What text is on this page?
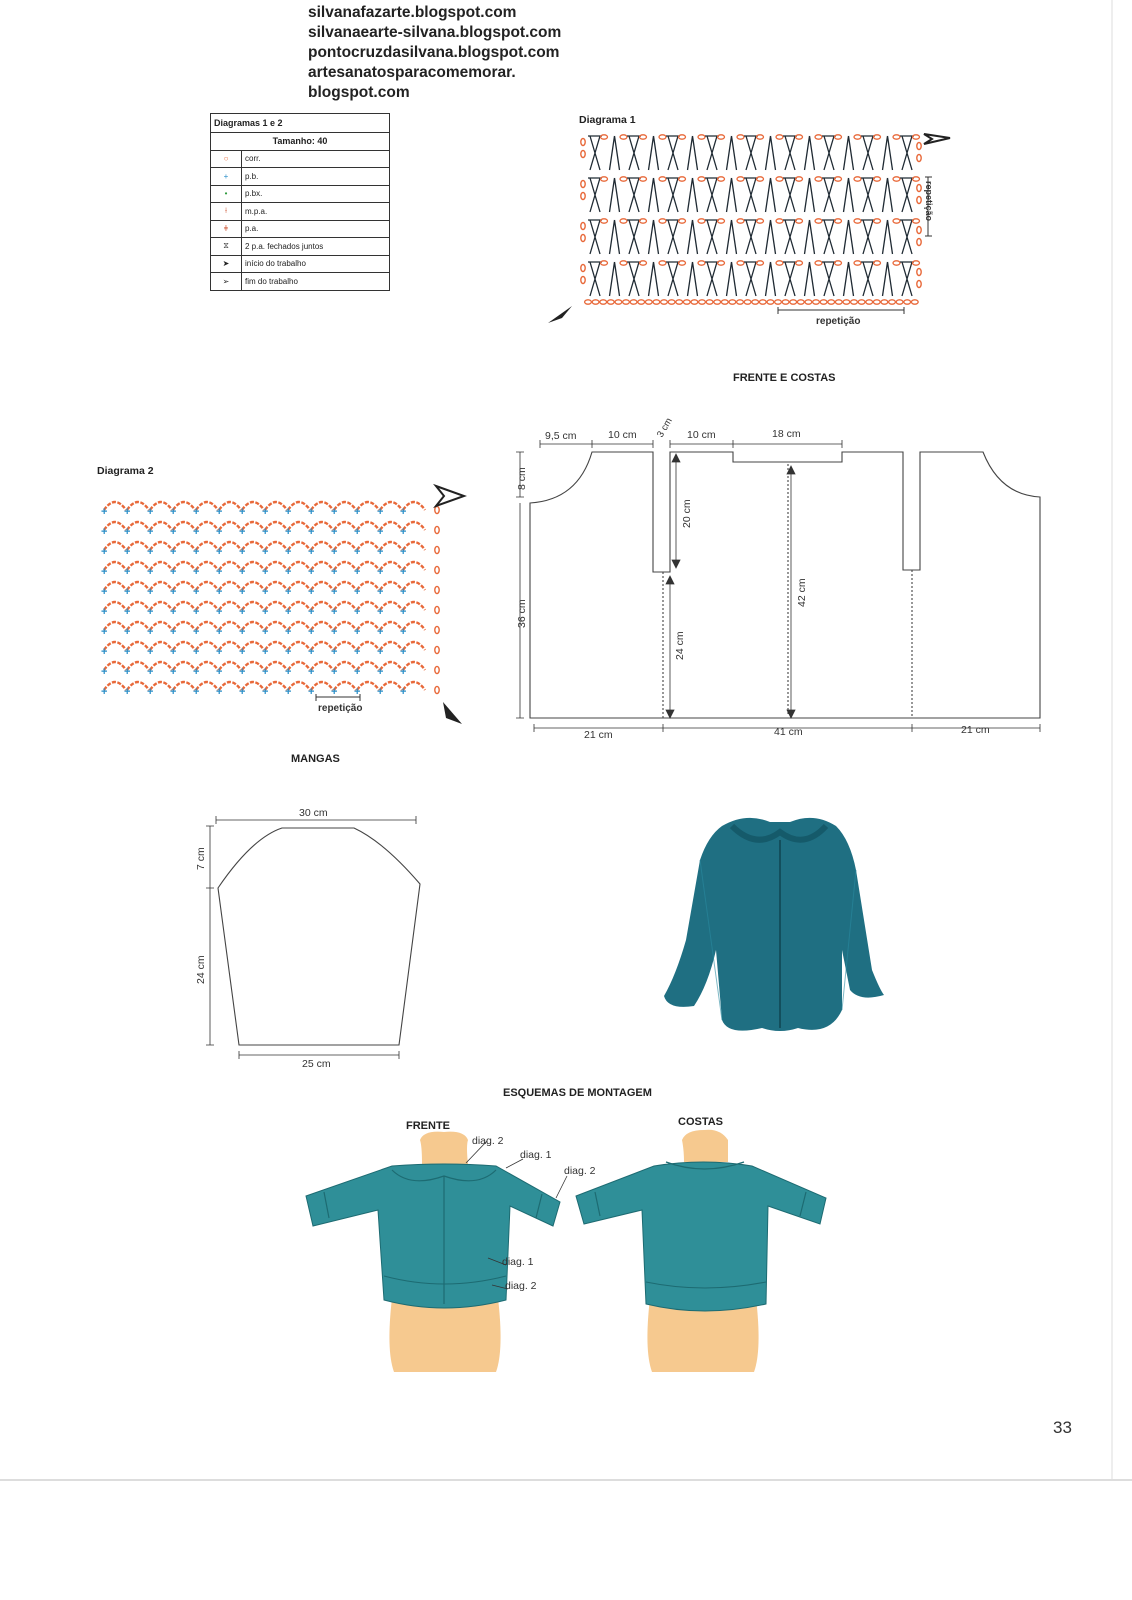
silvanafazarte.blogspot.com
silvanaearte-silvana.blogspot.com
pontocruzdasilvana.blogspot.com
artesanatosparacomemorar.
blogspot.com
Diagramas 1 e 2	
Tamanho: 40	
○	corr.
+	p.b.
•	p.bx.
⟊	m.p.a.
ǂ	p.a.
⧖	2 p.a. fechados juntos
➤	início do trabalho
➢	fim do trabalho
+ + + + + + + + + + + + + +
+ + + + + + + + + + + + + +
+ + + + + + + + + + + + + +
+ + + + + + + + + + + + + +
+ + + + + + + + + + + + + +
+ + + + + + + + + + + + + +
+ + + + + + + + + + + + + +
+ + + + + + + + + + + + + +
+ + + + + + + + + + + + + +
+ + + + + + + + + + + + + +
Diagrama 1
repetição
repetição
Diagrama 2
repetição
FRENTE E COSTAS
9,5 cm	10 cm 3 cm 10 cm	18 cm
8 cm
36 cm
20 cm
24 cm
42 cm
21 cm	41 cm	21 cm
MANGAS
30 cm
7 cm
24 cm
25 cm
ESQUEMAS DE MONTAGEM
FRENTE	COSTAS
diag. 2
diag. 1
diag. 2
diag. 1
diag. 2
33
